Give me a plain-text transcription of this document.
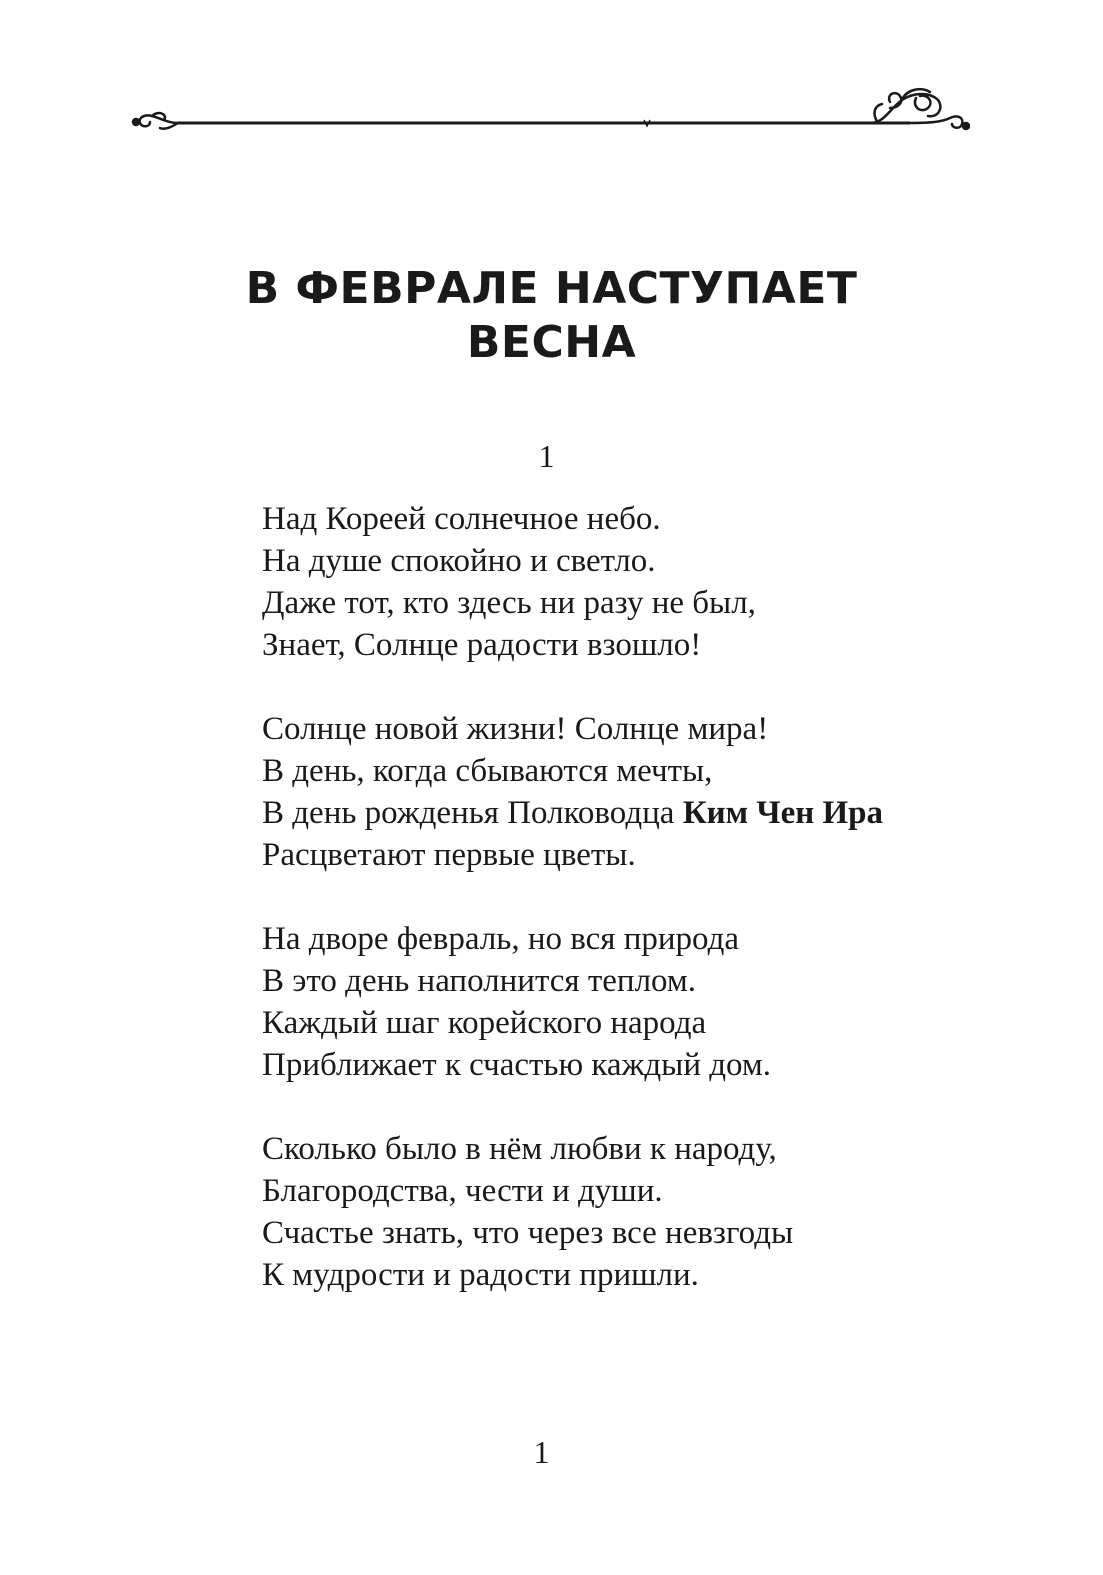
В ФЕВРАЛЕ НАСТУПАЕТ
ВЕСНА
1
Над Кореей солнечное небо.
На душе спокойно и светло.
Даже тот, кто здесь ни разу не был,
Знает, Солнце радости взошло!
Солнце новой жизни! Солнце мира!
В день, когда сбываются мечты,
В день рожденья Полководца Ким Чен Ира
Расцветают первые цветы.
На дворе февраль, но вся природа
В это день наполнится теплом.
Каждый шаг корейского народа
Приближает к счастью каждый дом.
Сколько было в нём любви к народу,
Благородства, чести и души.
Счастье знать, что через все невзгоды
К мудрости и радости пришли.
1
